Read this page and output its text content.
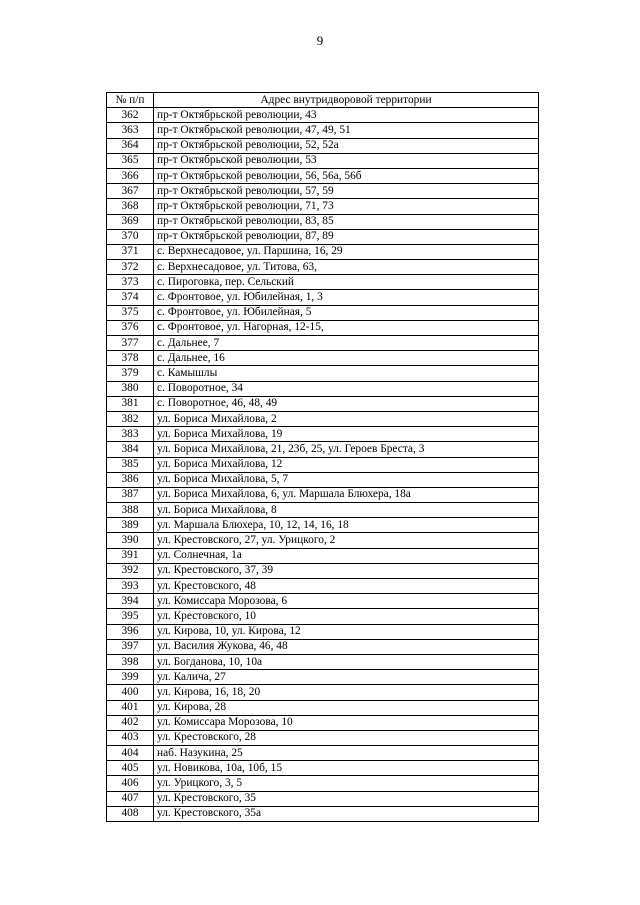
9
№ п/п	Адрес внутридворовой территории
362	пр-т Октябрьской революции, 43
363	пр-т Октябрьской революции, 47, 49, 51
364	пр-т Октябрьской революции, 52, 52а
365	пр-т Октябрьской революции, 53
366	пр-т Октябрьской революции, 56, 56а, 56б
367	пр-т Октябрьской революции, 57, 59
368	пр-т Октябрьской революции, 71, 73
369	пр-т Октябрьской революции, 83, 85
370	пр-т Октябрьской революции, 87, 89
371	с. Верхнесадовое, ул. Паршина, 16, 29
372	с. Верхнесадовое, ул. Титова, 63,
373	с. Пироговка, пер. Сельский
374	с. Фронтовое, ул. Юбилейная, 1, 3
375	с. Фронтовое, ул. Юбилейная, 5
376	с. Фронтовое, ул. Нагорная, 12-15,
377	с. Дальнее, 7
378	с. Дальнее, 16
379	с. Камышлы
380	с. Поворотное, 34
381	с. Поворотное, 46, 48, 49
382	ул. Бориса Михайлова, 2
383	ул. Бориса Михайлова, 19
384	ул. Бориса Михайлова, 21, 23б, 25, ул. Героев Бреста, 3
385	ул. Бориса Михайлова, 12
386	ул. Бориса Михайлова, 5, 7
387	ул. Бориса Михайлова, 6, ул. Маршала Блюхера, 18а
388	ул. Бориса Михайлова, 8
389	ул. Маршала Блюхера, 10, 12, 14, 16, 18
390	ул. Крестовского, 27, ул. Урицкого, 2
391	ул. Солнечная, 1а
392	ул. Крестовского, 37, 39
393	ул. Крестовского, 48
394	ул. Комиссара Морозова, 6
395	ул. Крестовского, 10
396	ул. Кирова, 10, ул. Кирова, 12
397	ул. Василия Жукова, 46, 48
398	ул. Богданова, 10, 10а
399	ул. Калича, 27
400	ул. Кирова, 16, 18, 20
401	ул. Кирова, 28
402	ул. Комиссара Морозова, 10
403	ул. Крестовского, 28
404	наб. Назукина, 25
405	ул. Новикова, 10а, 10б, 15
406	ул. Урицкого, 3, 5
407	ул. Крестовского, 35
408	ул. Крестовского, 35а
